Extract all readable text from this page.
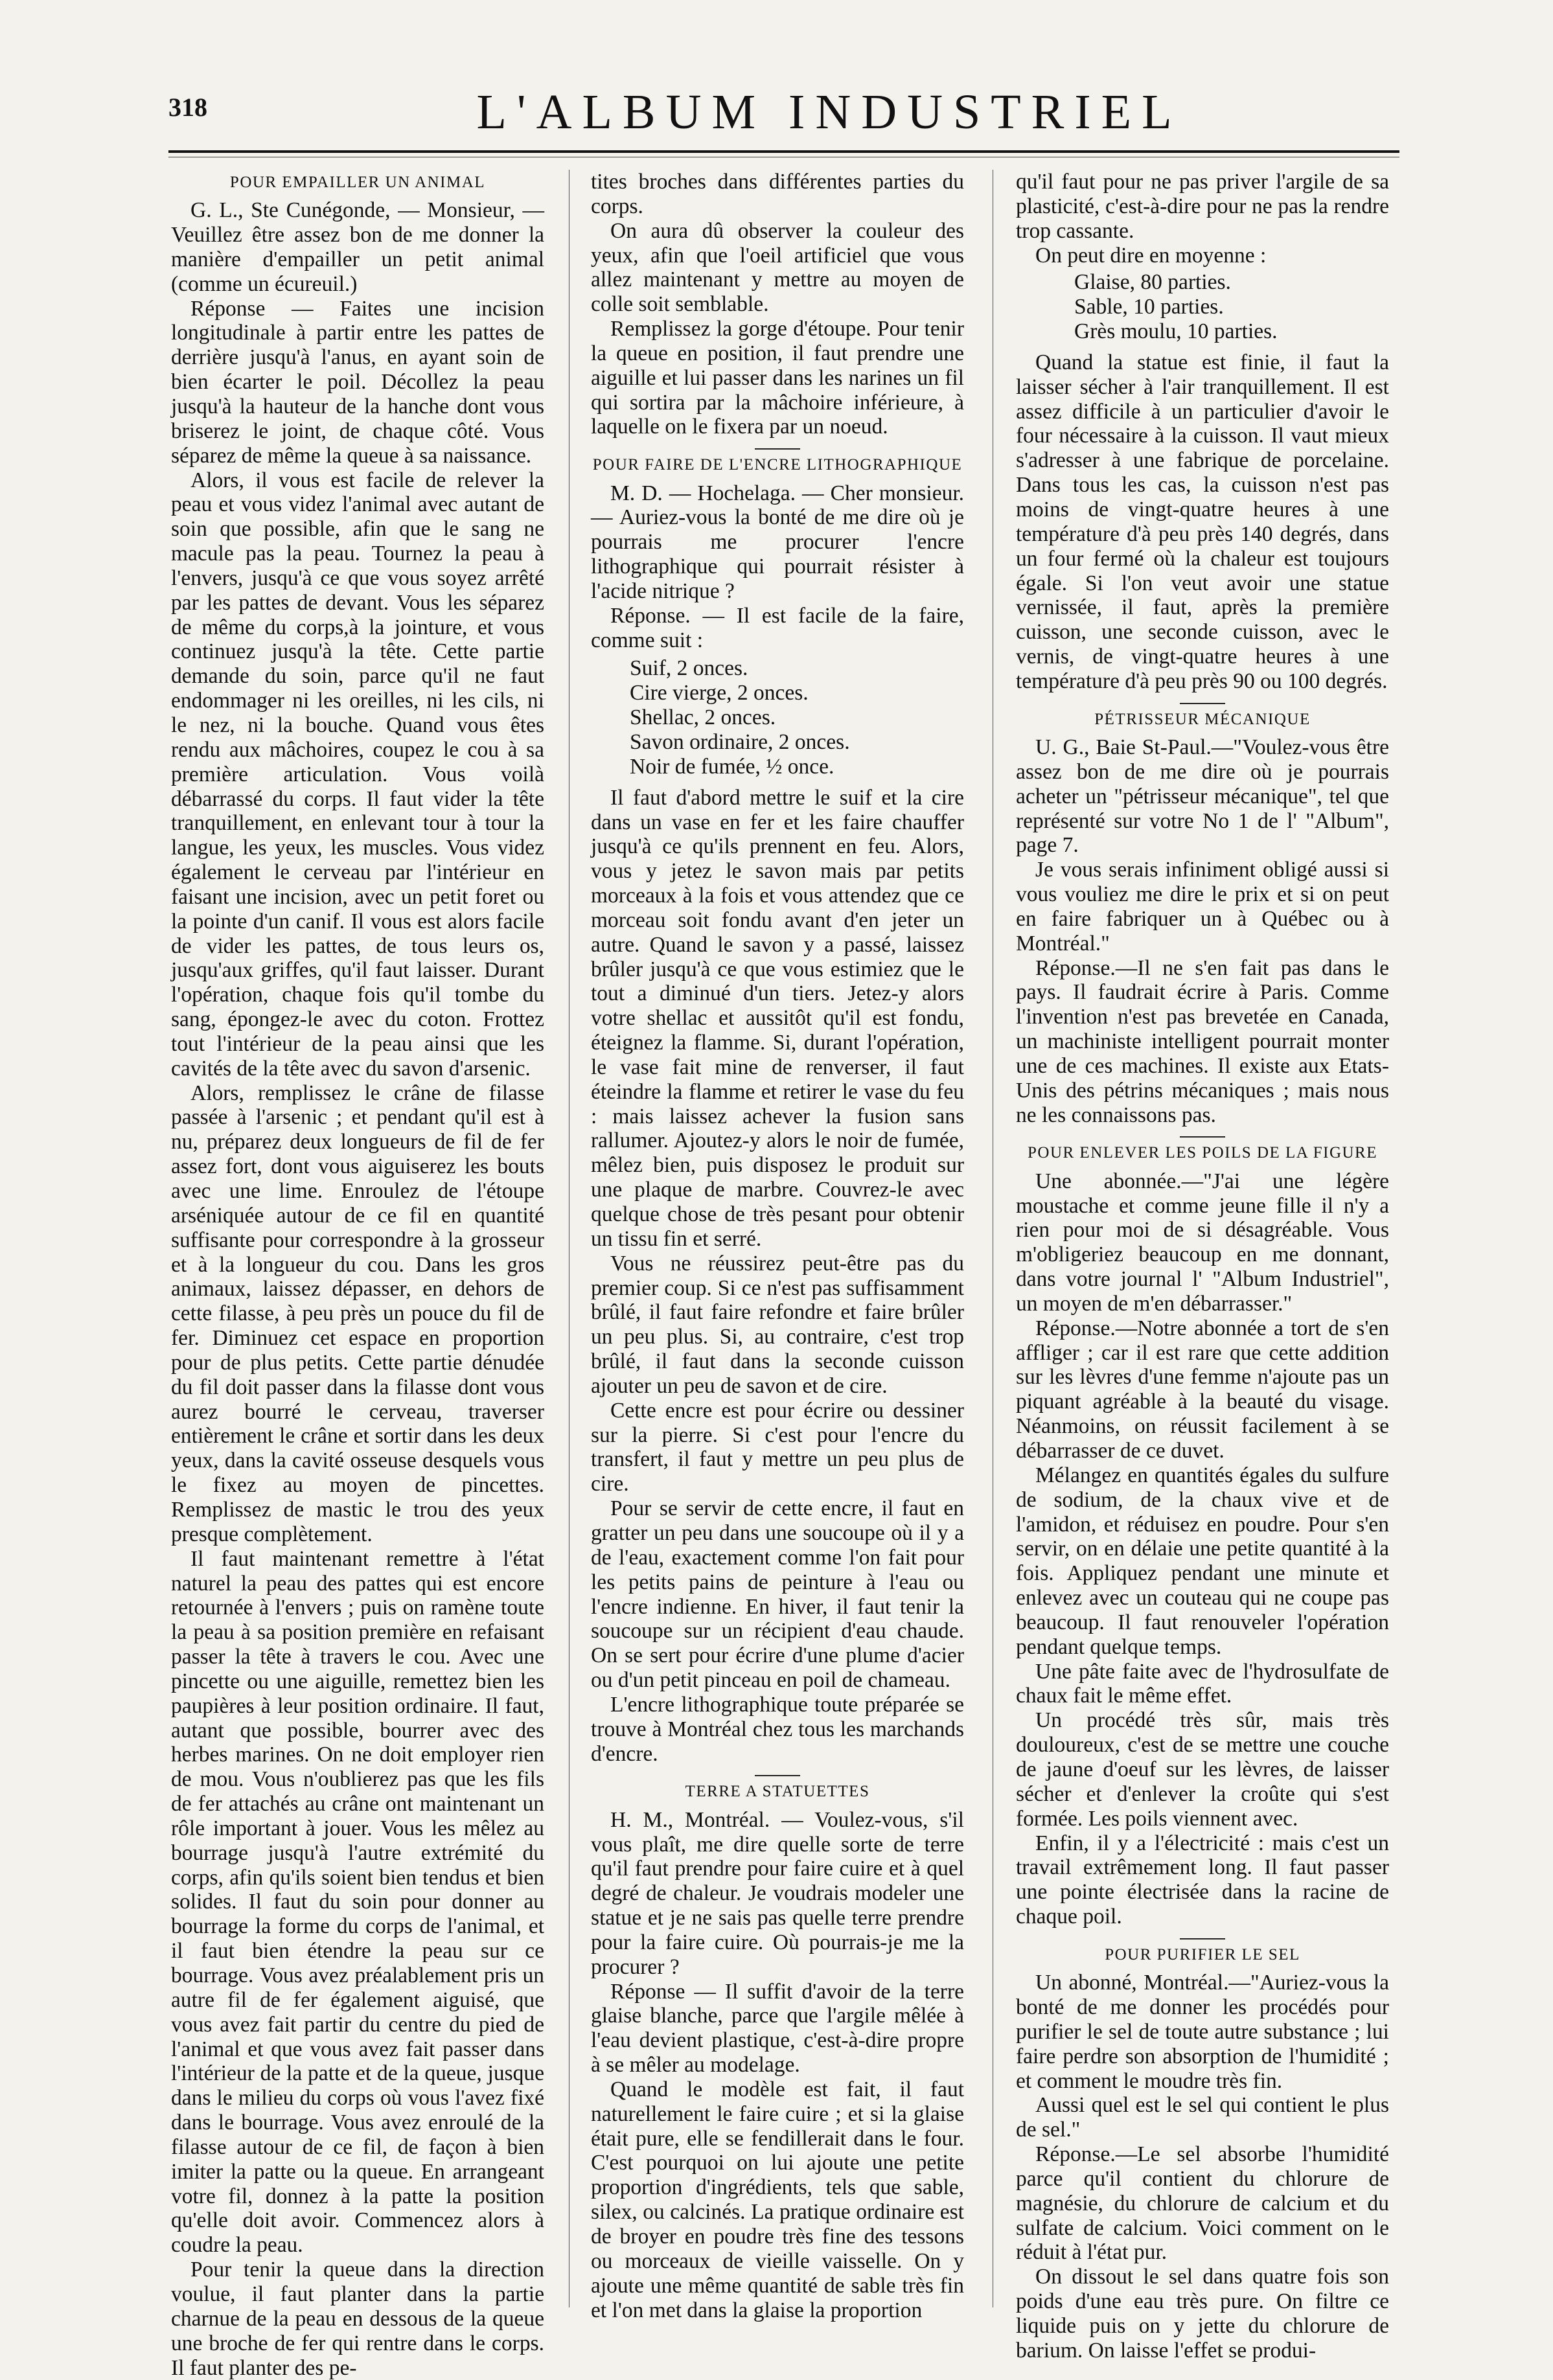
318	L'ALBUM INDUSTRIEL
POUR EMPAILLER UN ANIMAL

G. L., Ste Cunégonde, — Monsieur, — Veuillez être assez bon de me donner la manière d'empailler un petit animal (comme un écureuil.)

Réponse — Faites une incision longitudinale à partir entre les pattes de derrière jusqu'à l'anus, en ayant soin de bien écarter le poil. Décollez la peau jusqu'à la hauteur de la hanche dont vous briserez le joint, de chaque côté. Vous séparez de même la queue à sa naissance.

Alors, il vous est facile de relever la peau et vous videz l'animal avec autant de soin que possible, afin que le sang ne macule pas la peau. Tournez la peau à l'envers, jusqu'à ce que vous soyez arrêté par les pattes de devant. Vous les séparez de même du corps,à la jointure, et vous continuez jusqu'à la tête. Cette partie demande du soin, parce qu'il ne faut endommager ni les oreilles, ni les cils, ni le nez, ni la bouche. Quand vous êtes rendu aux mâchoires, coupez le cou à sa première articulation. Vous voilà débarrassé du corps. Il faut vider la tête tranquillement, en enlevant tour à tour la langue, les yeux, les muscles. Vous videz également le cerveau par l'intérieur en faisant une incision, avec un petit foret ou la pointe d'un canif. Il vous est alors facile de vider les pattes, de tous leurs os, jusqu'aux griffes, qu'il faut laisser. Durant l'opération, chaque fois qu'il tombe du sang, épongez-le avec du coton. Frottez tout l'intérieur de la peau ainsi que les cavités de la tête avec du savon d'arsenic.

Alors, remplissez le crâne de filasse passée à l'arsenic ; et pendant qu'il est à nu, préparez deux longueurs de fil de fer assez fort, dont vous aiguiserez les bouts avec une lime. Enroulez de l'étoupe arséniquée autour de ce fil en quantité suffisante pour correspondre à la grosseur et à la longueur du cou. Dans les gros animaux, laissez dépasser, en dehors de cette filasse, à peu près un pouce du fil de fer. Diminuez cet espace en proportion pour de plus petits. Cette partie dénudée du fil doit passer dans la filasse dont vous aurez bourré le cerveau, traverser entièrement le crâne et sortir dans les deux yeux, dans la cavité osseuse desquels vous le fixez au moyen de pincettes. Remplissez de mastic le trou des yeux presque complètement.

Il faut maintenant remettre à l'état naturel la peau des pattes qui est encore retournée à l'envers ; puis on ramène toute la peau à sa position première en refaisant passer la tête à travers le cou. Avec une pincette ou une aiguille, remettez bien les paupières à leur position ordinaire. Il faut, autant que possible, bourrer avec des herbes marines. On ne doit employer rien de mou. Vous n'oublierez pas que les fils de fer attachés au crâne ont maintenant un rôle important à jouer. Vous les mêlez au bourrage jusqu'à l'autre extrémité du corps, afin qu'ils soient bien tendus et bien solides. Il faut du soin pour donner au bourrage la forme du corps de l'animal, et il faut bien étendre la peau sur ce bourrage. Vous avez préalablement pris un autre fil de fer également aiguisé, que vous avez fait partir du centre du pied de l'animal et que vous avez fait passer dans l'intérieur de la patte et de la queue, jusque dans le milieu du corps où vous l'avez fixé dans le bourrage. Vous avez enroulé de la filasse autour de ce fil, de façon à bien imiter la patte ou la queue. En arrangeant votre fil, donnez à la patte la position qu'elle doit avoir. Commencez alors à coudre la peau.

Pour tenir la queue dans la direction voulue, il faut planter dans la partie charnue de la peau en dessous de la queue une broche de fer qui rentre dans le corps. Il faut planter des pe-

tites broches dans différentes parties du corps.

On aura dû observer la couleur des yeux, afin que l'oeil artificiel que vous allez maintenant y mettre au moyen de colle soit semblable.

Remplissez la gorge d'étoupe. Pour tenir la queue en position, il faut prendre une aiguille et lui passer dans les narines un fil qui sortira par la mâchoire inférieure, à laquelle on le fixera par un noeud.

POUR FAIRE DE L'ENCRE LITHOGRAPHIQUE

M. D. — Hochelaga. — Cher monsieur. — Auriez-vous la bonté de me dire où je pourrais me procurer l'encre lithographique qui pourrait résister à l'acide nitrique ?

Réponse. — Il est facile de la faire, comme suit :

Suif, 2 onces.
Cire vierge, 2 onces.
Shellac, 2 onces.
Savon ordinaire, 2 onces.
Noir de fumée, ½ once.

Il faut d'abord mettre le suif et la cire dans un vase en fer et les faire chauffer jusqu'à ce qu'ils prennent en feu. Alors, vous y jetez le savon mais par petits morceaux à la fois et vous attendez que ce morceau soit fondu avant d'en jeter un autre. Quand le savon y a passé, laissez brûler jusqu'à ce que vous estimiez que le tout a diminué d'un tiers. Jetez-y alors votre shellac et aussitôt qu'il est fondu, éteignez la flamme. Si, durant l'opération, le vase fait mine de renverser, il faut éteindre la flamme et retirer le vase du feu : mais laissez achever la fusion sans rallumer. Ajoutez-y alors le noir de fumée, mêlez bien, puis disposez le produit sur une plaque de marbre. Couvrez-le avec quelque chose de très pesant pour obtenir un tissu fin et serré.

Vous ne réussirez peut-être pas du premier coup. Si ce n'est pas suffisamment brûlé, il faut faire refondre et faire brûler un peu plus. Si, au contraire, c'est trop brûlé, il faut dans la seconde cuisson ajouter un peu de savon et de cire.

Cette encre est pour écrire ou dessiner sur la pierre. Si c'est pour l'encre du transfert, il faut y mettre un peu plus de cire.

Pour se servir de cette encre, il faut en gratter un peu dans une soucoupe où il y a de l'eau, exactement comme l'on fait pour les petits pains de peinture à l'eau ou l'encre indienne. En hiver, il faut tenir la soucoupe sur un récipient d'eau chaude. On se sert pour écrire d'une plume d'acier ou d'un petit pinceau en poil de chameau.

L'encre lithographique toute préparée se trouve à Montréal chez tous les marchands d'encre.

TERRE A STATUETTES

H. M., Montréal. — Voulez-vous, s'il vous plaît, me dire quelle sorte de terre qu'il faut prendre pour faire cuire et à quel degré de chaleur. Je voudrais modeler une statue et je ne sais pas quelle terre prendre pour la faire cuire. Où pourrais-je me la procurer ?

Réponse — Il suffit d'avoir de la terre glaise blanche, parce que l'argile mêlée à l'eau devient plastique, c'est-à-dire propre à se mêler au modelage.

Quand le modèle est fait, il faut naturellement le faire cuire ; et si la glaise était pure, elle se fendillerait dans le four. C'est pourquoi on lui ajoute une petite proportion d'ingrédients, tels que sable, silex, ou calcinés. La pratique ordinaire est de broyer en poudre très fine des tessons ou morceaux de vieille vaisselle. On y ajoute une même quantité de sable très fin et l'on met dans la glaise la proportion

qu'il faut pour ne pas priver l'argile de sa plasticité, c'est-à-dire pour ne pas la rendre trop cassante.

On peut dire en moyenne :

Glaise, 80 parties.
Sable, 10 parties.
Grès moulu, 10 parties.

Quand la statue est finie, il faut la laisser sécher à l'air tranquillement. Il est assez difficile à un particulier d'avoir le four nécessaire à la cuisson. Il vaut mieux s'adresser à une fabrique de porcelaine. Dans tous les cas, la cuisson n'est pas moins de vingt-quatre heures à une température d'à peu près 140 degrés, dans un four fermé où la chaleur est toujours égale. Si l'on veut avoir une statue vernissée, il faut, après la première cuisson, une seconde cuisson, avec le vernis, de vingt-quatre heures à une température d'à peu près 90 ou 100 degrés.

PÉTRISSEUR MÉCANIQUE

U. G., Baie St-Paul.—"Voulez-vous être assez bon de me dire où je pourrais acheter un "pétrisseur mécanique", tel que représenté sur votre No 1 de l' "Album", page 7.

Je vous serais infiniment obligé aussi si vous vouliez me dire le prix et si on peut en faire fabriquer un à Québec ou à Montréal."

Réponse.—Il ne s'en fait pas dans le pays. Il faudrait écrire à Paris. Comme l'invention n'est pas brevetée en Canada, un machiniste intelligent pourrait monter une de ces machines. Il existe aux Etats-Unis des pétrins mécaniques ; mais nous ne les connaissons pas.

POUR ENLEVER LES POILS DE LA FIGURE

Une abonnée.—"J'ai une légère moustache et comme jeune fille il n'y a rien pour moi de si désagréable. Vous m'obligeriez beaucoup en me donnant, dans votre journal l' "Album Industriel", un moyen de m'en débarrasser."

Réponse.—Notre abonnée a tort de s'en affliger ; car il est rare que cette addition sur les lèvres d'une femme n'ajoute pas un piquant agréable à la beauté du visage. Néanmoins, on réussit facilement à se débarrasser de ce duvet.

Mélangez en quantités égales du sulfure de sodium, de la chaux vive et de l'amidon, et réduisez en poudre. Pour s'en servir, on en délaie une petite quantité à la fois. Appliquez pendant une minute et enlevez avec un couteau qui ne coupe pas beaucoup. Il faut renouveler l'opération pendant quelque temps.

Une pâte faite avec de l'hydrosulfate de chaux fait le même effet.

Un procédé très sûr, mais très douloureux, c'est de se mettre une couche de jaune d'oeuf sur les lèvres, de laisser sécher et d'enlever la croûte qui s'est formée. Les poils viennent avec.

Enfin, il y a l'électricité : mais c'est un travail extrêmement long. Il faut passer une pointe électrisée dans la racine de chaque poil.

POUR PURIFIER LE SEL

Un abonné, Montréal.—"Auriez-vous la bonté de me donner les procédés pour purifier le sel de toute autre substance ; lui faire perdre son absorption de l'humidité ; et comment le moudre très fin.

Aussi quel est le sel qui contient le plus de sel."

Réponse.—Le sel absorbe l'humidité parce qu'il contient du chlorure de magnésie, du chlorure de calcium et du sulfate de calcium. Voici comment on le réduit à l'état pur.

On dissout le sel dans quatre fois son poids d'une eau très pure. On filtre ce liquide puis on y jette du chlorure de barium. On laisse l'effet se produi-
